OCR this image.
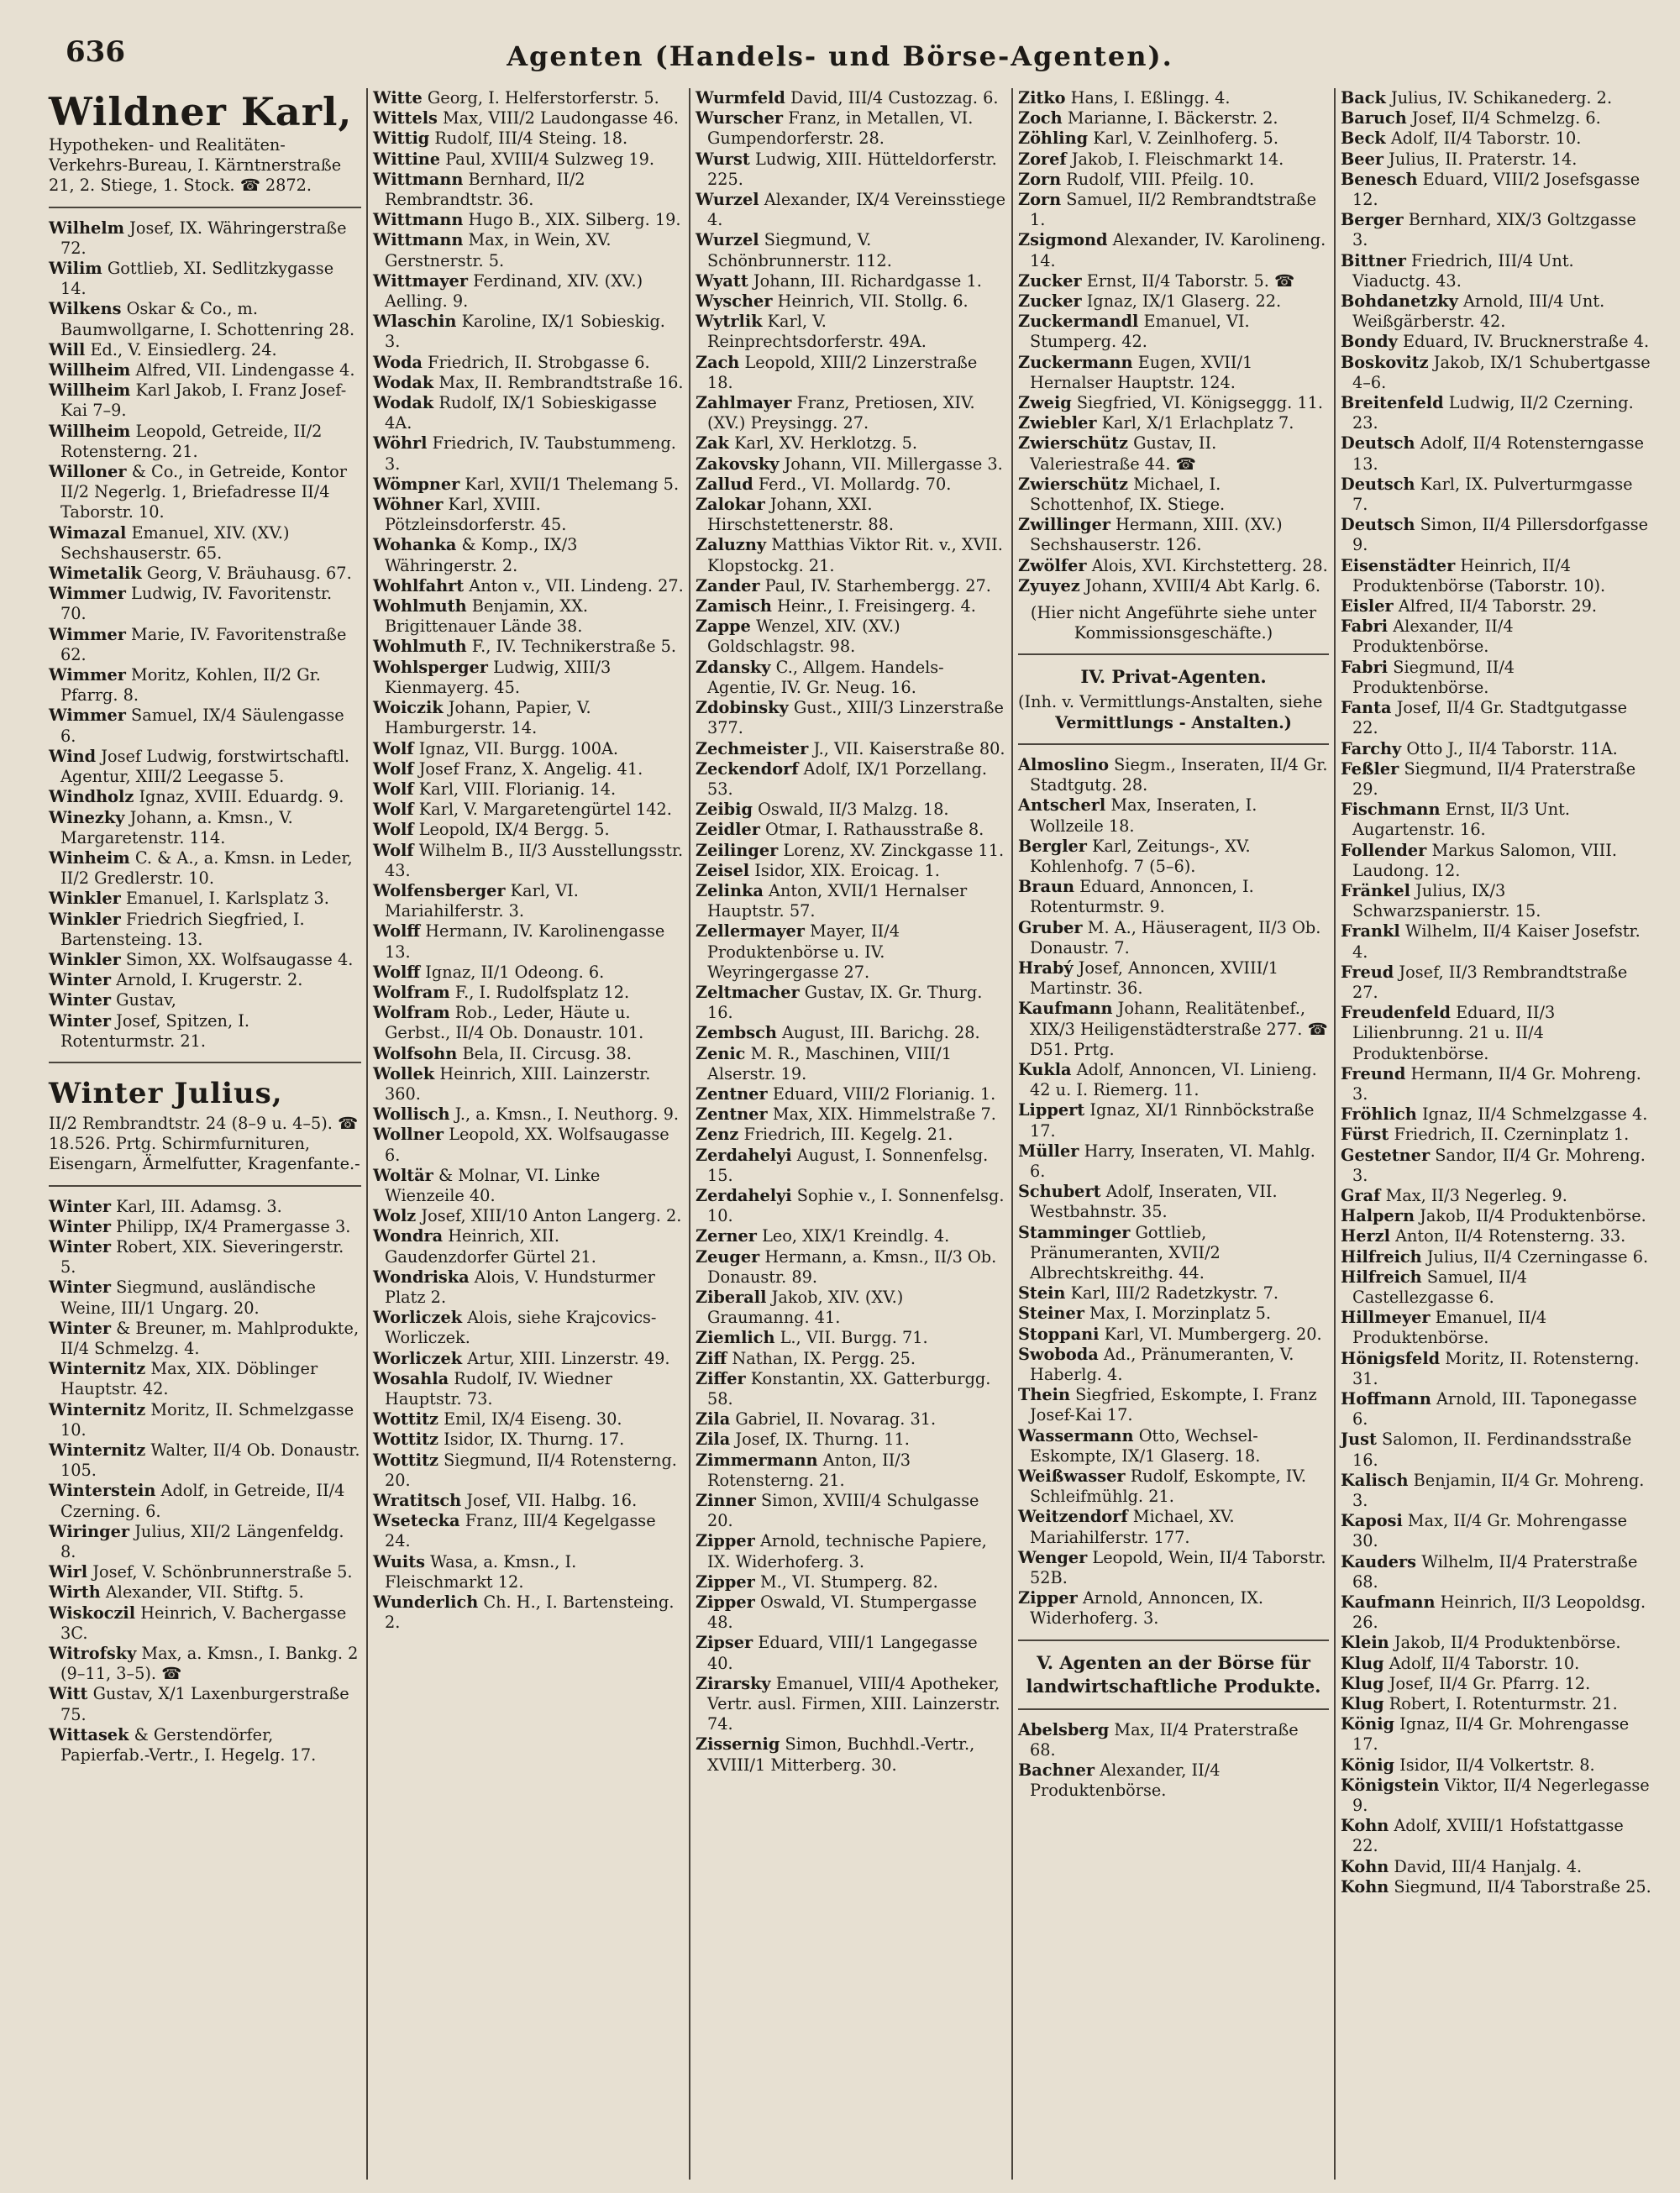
636	Agenten (Handels- und Börse-Agenten).
Wildner Karl,
Hypotheken- und Realitäten-Verkehrs-Bureau, I. Kärntnerstraße 21, 2. Stiege, 1. Stock. ☎ 2872.
Wilhelm Josef, IX. Währingerstraße 72.
Wilim Gottlieb, XI. Sedlitzkygasse 14.
Wilkens Oskar & Co., m. Baumwollgarne, I. Schottenring 28.
Will Ed., V. Einsiedlerg. 24.
Willheim Alfred, VII. Lindengasse 4.
Willheim Karl Jakob, I. Franz Josef-Kai 7–9.
Willheim Leopold, Getreide, II/2 Rotensterng. 21.
Willoner & Co., in Getreide, Kontor II/2 Negerlg. 1, Briefadresse II/4 Taborstr. 10.
Wimazal Emanuel, XIV. (XV.) Sechshauserstr. 65.
Wimetalik Georg, V. Bräuhausg. 67.
Wimmer Ludwig, IV. Favoritenstr. 70.
Wimmer Marie, IV. Favoritenstraße 62.
Wimmer Moritz, Kohlen, II/2 Gr. Pfarrg. 8.
Wimmer Samuel, IX/4 Säulengasse 6.
Wind Josef Ludwig, forstwirtschaftl. Agentur, XIII/2 Leegasse 5.
Windholz Ignaz, XVIII. Eduardg. 9.
Winezky Johann, a. Kmsn., V. Margaretenstr. 114.
Winheim C. & A., a. Kmsn. in Leder, II/2 Gredlerstr. 10.
Winkler Emanuel, I. Karlsplatz 3.
Winkler Friedrich Siegfried, I. Bartensteing. 13.
Winkler Simon, XX. Wolfsaugasse 4.
Winter Arnold, I. Krugerstr. 2.
Winter Gustav,
Winter Josef, Spitzen, I. Rotenturmstr. 21.
Winter Julius,
II/2 Rembrandtstr. 24 (8–9 u. 4–5). ☎ 18.526. Prtg. Schirmfurnituren, Eisengarn, Ärmelfutter, Kragenfante.-
Winter Karl, III. Adamsg. 3.
Winter Philipp, IX/4 Pramergasse 3.
Winter Robert, XIX. Sieveringerstr. 5.
Winter Siegmund, ausländische Weine, III/1 Ungarg. 20.
Winter & Breuner, m. Mahlprodukte, II/4 Schmelzg. 4.
Winternitz Max, XIX. Döblinger Hauptstr. 42.
Winternitz Moritz, II. Schmelzgasse 10.
Winternitz Walter, II/4 Ob. Donaustr. 105.
Winterstein Adolf, in Getreide, II/4 Czerning. 6.
Wiringer Julius, XII/2 Längenfeldg. 8.
Wirl Josef, V. Schönbrunnerstraße 5.
Wirth Alexander, VII. Stiftg. 5.
Wiskoczil Heinrich, V. Bachergasse 3C.
Witrofsky Max, a. Kmsn., I. Bankg. 2 (9–11, 3–5). ☎
Witt Gustav, X/1 Laxenburgerstraße 75.
Wittasek & Gerstendörfer, Papierfab.-Vertr., I. Hegelg. 17.
Witte Georg, I. Helferstorferstr. 5.
Wittels Max, VIII/2 Laudongasse 46.
Wittig Rudolf, III/4 Steing. 18.
Wittine Paul, XVIII/4 Sulzweg 19.
Wittmann Bernhard, II/2 Rembrandtstr. 36.
Wittmann Hugo B., XIX. Silberg. 19.
Wittmann Max, in Wein, XV. Gerstnerstr. 5.
Wittmayer Ferdinand, XIV. (XV.) Aelling. 9.
Wlaschin Karoline, IX/1 Sobieskig. 3.
Woda Friedrich, II. Strobgasse 6.
Wodak Max, II. Rembrandtstraße 16.
Wodak Rudolf, IX/1 Sobieskigasse 4A.
Wöhrl Friedrich, IV. Taubstummeng. 3.
Wömpner Karl, XVII/1 Thelemang 5.
Wöhner Karl, XVIII. Pötzleinsdorferstr. 45.
Wohanka & Komp., IX/3 Währingerstr. 2.
Wohlfahrt Anton v., VII. Lindeng. 27.
Wohlmuth Benjamin, XX. Brigittenauer Lände 38.
Wohlmuth F., IV. Technikerstraße 5.
Wohlsperger Ludwig, XIII/3 Kienmayerg. 45.
Woiczik Johann, Papier, V. Hamburgerstr. 14.
Wolf Ignaz, VII. Burgg. 100A.
Wolf Josef Franz, X. Angelig. 41.
Wolf Karl, VIII. Florianig. 14.
Wolf Karl, V. Margaretengürtel 142.
Wolf Leopold, IX/4 Bergg. 5.
Wolf Wilhelm B., II/3 Ausstellungsstr. 43.
Wolfensberger Karl, VI. Mariahilferstr. 3.
Wolff Hermann, IV. Karolinengasse 13.
Wolff Ignaz, II/1 Odeong. 6.
Wolfram F., I. Rudolfsplatz 12.
Wolfram Rob., Leder, Häute u. Gerbst., II/4 Ob. Donaustr. 101.
Wolfsohn Bela, II. Circusg. 38.
Wollek Heinrich, XIII. Lainzerstr. 360.
Wollisch J., a. Kmsn., I. Neuthorg. 9.
Wollner Leopold, XX. Wolfsaugasse 6.
Woltär & Molnar, VI. Linke Wienzeile 40.
Wolz Josef, XIII/10 Anton Langerg. 2.
Wondra Heinrich, XII. Gaudenzdorfer Gürtel 21.
Wondriska Alois, V. Hundsturmer Platz 2.
Worliczek Alois, siehe Krajcovics-Worliczek.
Worliczek Artur, XIII. Linzerstr. 49.
Wosahla Rudolf, IV. Wiedner Hauptstr. 73.
Wottitz Emil, IX/4 Eiseng. 30.
Wottitz Isidor, IX. Thurng. 17.
Wottitz Siegmund, II/4 Rotensterng. 20.
Wratitsch Josef, VII. Halbg. 16.
Wsetecka Franz, III/4 Kegelgasse 24.
Wuits Wasa, a. Kmsn., I. Fleischmarkt 12.
Wunderlich Ch. H., I. Bartensteing. 2.
Wurmfeld David, III/4 Custozzag. 6.
Wurscher Franz, in Metallen, VI. Gumpendorferstr. 28.
Wurst Ludwig, XIII. Hütteldorferstr. 225.
Wurzel Alexander, IX/4 Vereinsstiege 4.
Wurzel Siegmund, V. Schönbrunnerstr. 112.
Wyatt Johann, III. Richardgasse 1.
Wyscher Heinrich, VII. Stollg. 6.
Wytrlik Karl, V. Reinprechtsdorferstr. 49A.
Zach Leopold, XIII/2 Linzerstraße 18.
Zahlmayer Franz, Pretiosen, XIV. (XV.) Preysingg. 27.
Zak Karl, XV. Herklotzg. 5.
Zakovsky Johann, VII. Millergasse 3.
Zallud Ferd., VI. Mollardg. 70.
Zalokar Johann, XXI. Hirschstettenerstr. 88.
Zaluzny Matthias Viktor Rit. v., XVII. Klopstockg. 21.
Zander Paul, IV. Starhembergg. 27.
Zamisch Heinr., I. Freisingerg. 4.
Zappe Wenzel, XIV. (XV.) Goldschlagstr. 98.
Zdansky C., Allgem. Handels-Agentie, IV. Gr. Neug. 16.
Zdobinsky Gust., XIII/3 Linzerstraße 377.
Zechmeister J., VII. Kaiserstraße 80.
Zeckendorf Adolf, IX/1 Porzellang. 53.
Zeibig Oswald, II/3 Malzg. 18.
Zeidler Otmar, I. Rathausstraße 8.
Zeilinger Lorenz, XV. Zinckgasse 11.
Zeisel Isidor, XIX. Eroicag. 1.
Zelinka Anton, XVII/1 Hernalser Hauptstr. 57.
Zellermayer Mayer, II/4 Produktenbörse u. IV. Weyringergasse 27.
Zeltmacher Gustav, IX. Gr. Thurg. 16.
Zembsch August, III. Barichg. 28.
Zenic M. R., Maschinen, VIII/1 Alserstr. 19.
Zentner Eduard, VIII/2 Florianig. 1.
Zentner Max, XIX. Himmelstraße 7.
Zenz Friedrich, III. Kegelg. 21.
Zerdahelyi August, I. Sonnenfelsg. 15.
Zerdahelyi Sophie v., I. Sonnenfelsg. 10.
Zerner Leo, XIX/1 Kreindlg. 4.
Zeuger Hermann, a. Kmsn., II/3 Ob. Donaustr. 89.
Ziberall Jakob, XIV. (XV.) Graumanng. 41.
Ziemlich L., VII. Burgg. 71.
Ziff Nathan, IX. Pergg. 25.
Ziffer Konstantin, XX. Gatterburgg. 58.
Zila Gabriel, II. Novarag. 31.
Zila Josef, IX. Thurng. 11.
Zimmermann Anton, II/3 Rotensterng. 21.
Zinner Simon, XVIII/4 Schulgasse 20.
Zipper Arnold, technische Papiere, IX. Widerhoferg. 3.
Zipper M., VI. Stumperg. 82.
Zipper Oswald, VI. Stumpergasse 48.
Zipser Eduard, VIII/1 Langegasse 40.
Zirarsky Emanuel, VIII/4 Apotheker, Vertr. ausl. Firmen, XIII. Lainzerstr. 74.
Zissernig Simon, Buchhdl.-Vertr., XVIII/1 Mitterberg. 30.
Zitko Hans, I. Eßlingg. 4.
Zoch Marianne, I. Bäckerstr. 2.
Zöhling Karl, V. Zeinlhoferg. 5.
Zoref Jakob, I. Fleischmarkt 14.
Zorn Rudolf, VIII. Pfeilg. 10.
Zorn Samuel, II/2 Rembrandtstraße 1.
Zsigmond Alexander, IV. Karolineng. 14.
Zucker Ernst, II/4 Taborstr. 5. ☎
Zucker Ignaz, IX/1 Glaserg. 22.
Zuckermandl Emanuel, VI. Stumperg. 42.
Zuckermann Eugen, XVII/1 Hernalser Hauptstr. 124.
Zweig Siegfried, VI. Königseggg. 11.
Zwiebler Karl, X/1 Erlachplatz 7.
Zwierschütz Gustav, II. Valeriestraße 44. ☎
Zwierschütz Michael, I. Schottenhof, IX. Stiege.
Zwillinger Hermann, XIII. (XV.) Sechshauserstr. 126.
Zwölfer Alois, XVI. Kirchstetterg. 28.
Zyuyez Johann, XVIII/4 Abt Karlg. 6.
(Hier nicht Angeführte siehe unter Kommissionsgeschäfte.)
IV. Privat-Agenten.
(Inh. v. Vermittlungs-Anstalten, siehe
Vermittlungs - Anstalten.)
Almoslino Siegm., Inseraten, II/4 Gr. Stadtgutg. 28.
Antscherl Max, Inseraten, I. Wollzeile 18.
Bergler Karl, Zeitungs-, XV. Kohlenhofg. 7 (5–6).
Braun Eduard, Annoncen, I. Rotenturmstr. 9.
Gruber M. A., Häuseragent, II/3 Ob. Donaustr. 7.
Hrabý Josef, Annoncen, XVIII/1 Martinstr. 36.
Kaufmann Johann, Realitätenbef., XIX/3 Heiligenstädterstraße 277. ☎ D51. Prtg.
Kukla Adolf, Annoncen, VI. Linieng. 42 u. I. Riemerg. 11.
Lippert Ignaz, XI/1 Rinnböckstraße 17.
Müller Harry, Inseraten, VI. Mahlg. 6.
Schubert Adolf, Inseraten, VII. Westbahnstr. 35.
Stamminger Gottlieb, Pränumeranten, XVII/2 Albrechtskreithg. 44.
Stein Karl, III/2 Radetzkystr. 7.
Steiner Max, I. Morzinplatz 5.
Stoppani Karl, VI. Mumbergerg. 20.
Swoboda Ad., Pränumeranten, V. Haberlg. 4.
Thein Siegfried, Eskompte, I. Franz Josef-Kai 17.
Wassermann Otto, Wechsel-Eskompte, IX/1 Glaserg. 18.
Weißwasser Rudolf, Eskompte, IV. Schleifmühlg. 21.
Weitzendorf Michael, XV. Mariahilferstr. 177.
Wenger Leopold, Wein, II/4 Taborstr. 52B.
Zipper Arnold, Annoncen, IX. Widerhoferg. 3.
V. Agenten an der Börse für landwirtschaftliche Produkte.
Abelsberg Max, II/4 Praterstraße 68.
Bachner Alexander, II/4 Produktenbörse.
Back Julius, IV. Schikanederg. 2.
Baruch Josef, II/4 Schmelzg. 6.
Beck Adolf, II/4 Taborstr. 10.
Beer Julius, II. Praterstr. 14.
Benesch Eduard, VIII/2 Josefsgasse 12.
Berger Bernhard, XIX/3 Goltzgasse 3.
Bittner Friedrich, III/4 Unt. Viaductg. 43.
Bohdanetzky Arnold, III/4 Unt. Weißgärberstr. 42.
Bondy Eduard, IV. Brucknerstraße 4.
Boskovitz Jakob, IX/1 Schubertgasse 4–6.
Breitenfeld Ludwig, II/2 Czerning. 23.
Deutsch Adolf, II/4 Rotensterngasse 13.
Deutsch Karl, IX. Pulverturmgasse 7.
Deutsch Simon, II/4 Pillersdorfgasse 9.
Eisenstädter Heinrich, II/4 Produktenbörse (Taborstr. 10).
Eisler Alfred, II/4 Taborstr. 29.
Fabri Alexander, II/4 Produktenbörse.
Fabri Siegmund, II/4 Produktenbörse.
Fanta Josef, II/4 Gr. Stadtgutgasse 22.
Farchy Otto J., II/4 Taborstr. 11A.
Feßler Siegmund, II/4 Praterstraße 29.
Fischmann Ernst, II/3 Unt. Augartenstr. 16.
Follender Markus Salomon, VIII. Laudong. 12.
Fränkel Julius, IX/3 Schwarzspanierstr. 15.
Frankl Wilhelm, II/4 Kaiser Josefstr. 4.
Freud Josef, II/3 Rembrandtstraße 27.
Freudenfeld Eduard, II/3 Lilienbrunng. 21 u. II/4 Produktenbörse.
Freund Hermann, II/4 Gr. Mohreng. 3.
Fröhlich Ignaz, II/4 Schmelzgasse 4.
Fürst Friedrich, II. Czerninplatz 1.
Gestetner Sandor, II/4 Gr. Mohreng. 3.
Graf Max, II/3 Negerleg. 9.
Halpern Jakob, II/4 Produktenbörse.
Herzl Anton, II/4 Rotensterng. 33.
Hilfreich Julius, II/4 Czerningasse 6.
Hilfreich Samuel, II/4 Castellezgasse 6.
Hillmeyer Emanuel, II/4 Produktenbörse.
Hönigsfeld Moritz, II. Rotensterng. 31.
Hoffmann Arnold, III. Taponegasse 6.
Just Salomon, II. Ferdinandsstraße 16.
Kalisch Benjamin, II/4 Gr. Mohreng. 3.
Kaposi Max, II/4 Gr. Mohrengasse 30.
Kauders Wilhelm, II/4 Praterstraße 68.
Kaufmann Heinrich, II/3 Leopoldsg. 26.
Klein Jakob, II/4 Produktenbörse.
Klug Adolf, II/4 Taborstr. 10.
Klug Josef, II/4 Gr. Pfarrg. 12.
Klug Robert, I. Rotenturmstr. 21.
König Ignaz, II/4 Gr. Mohrengasse 17.
König Isidor, II/4 Volkertstr. 8.
Königstein Viktor, II/4 Negerlegasse 9.
Kohn Adolf, XVIII/1 Hofstattgasse 22.
Kohn David, III/4 Hanjalg. 4.
Kohn Siegmund, II/4 Taborstraße 25.
